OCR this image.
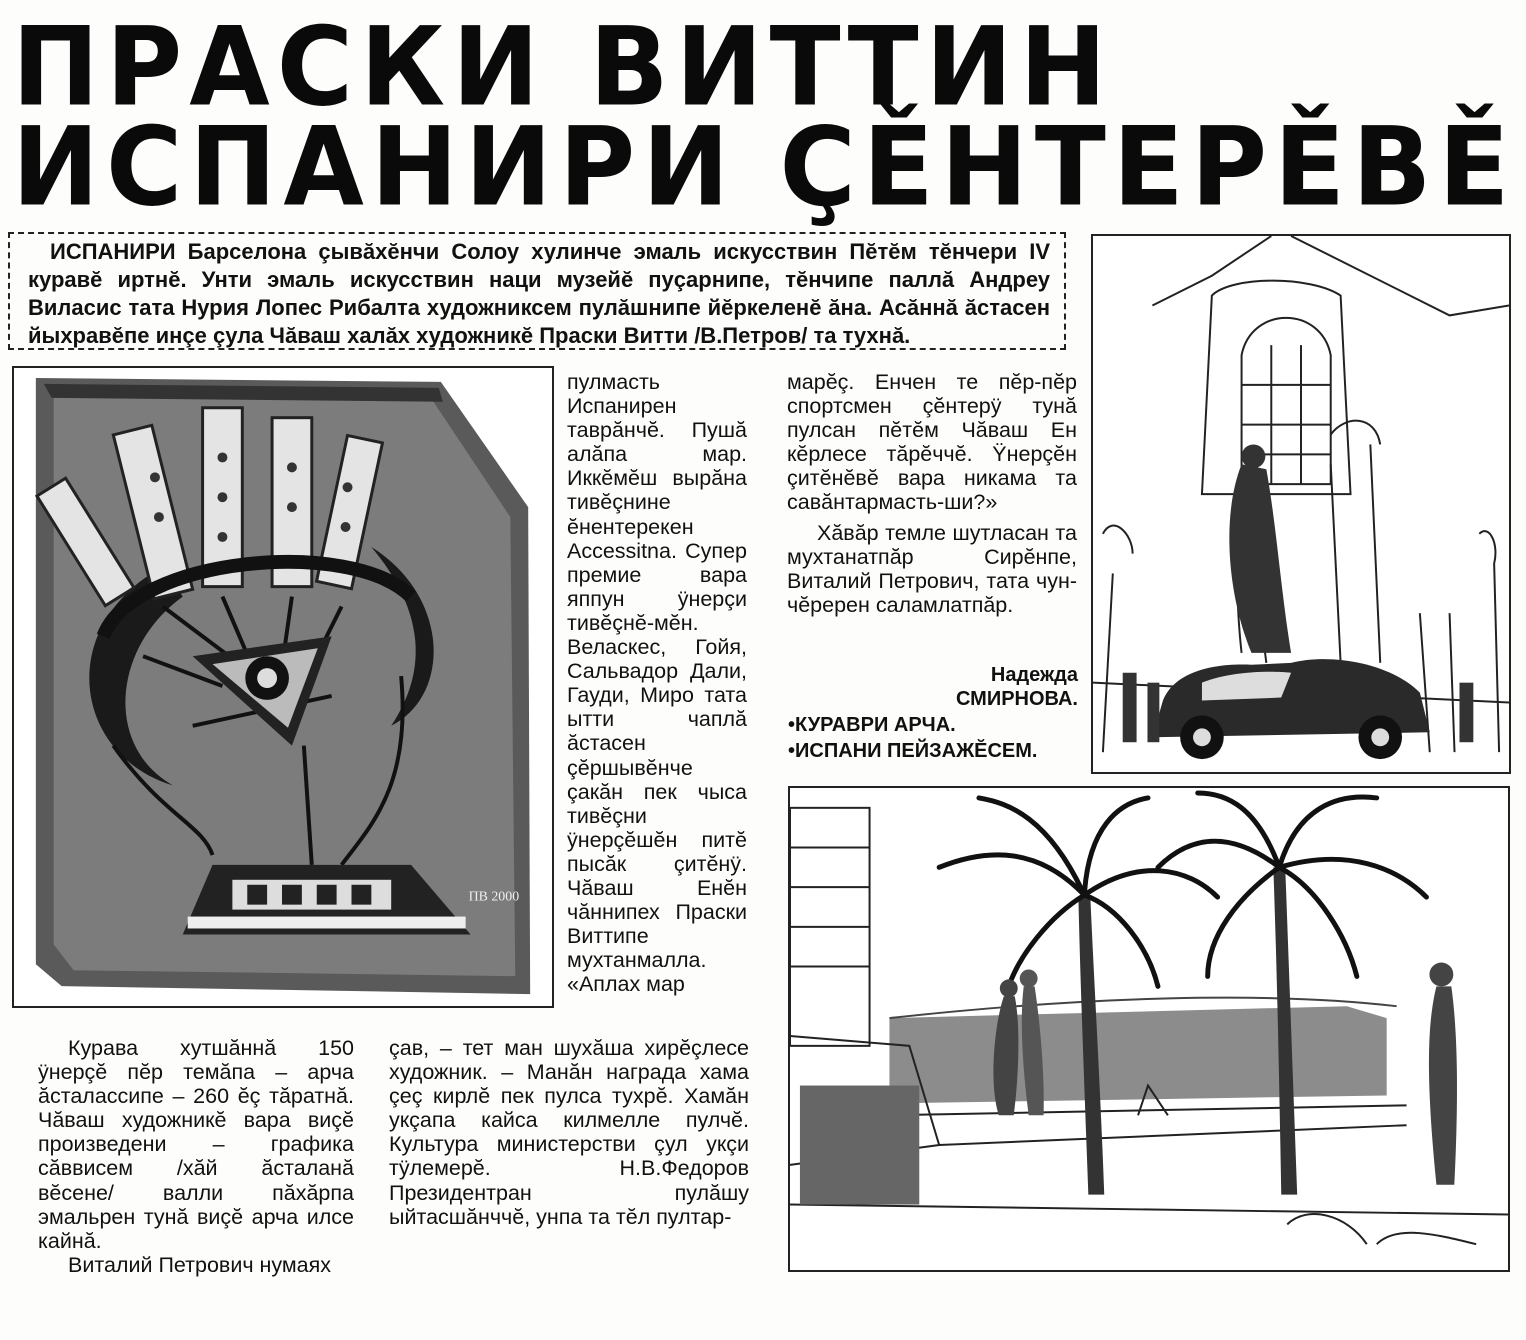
ПРАСКИ ВИТТИН
ИСПАНИРИ ÇĚНТЕРĚВĚ
ИСПАНИРИ Барселона çывăхĕнчи Солоу хулинче эмаль искусствин Пĕтĕм тĕнчери IV куравĕ иртнĕ. Унти эмаль искусствин наци музейĕ пуçарнипе, тĕнчипе паллă Андреу Виласис тата Нурия Лопес Рибалта художниксем пулăшнипе йĕркеленĕ ăна. Асăннă ăстасен йыхравĕпе инçе çула Чăваш халăх художникĕ Праски Витти /В.Петров/ та тухнă.
ПВ 2000

пулмасть Испанирен таврăнчĕ. Пушă алăпа мар. Иккĕмĕш вырăна тивĕçнине ĕнентерекен Accessitna. Супер премие вара яппун ÿнерçи тивĕçнĕ-мĕн. Веласкес, Гойя, Сальвадор Дали, Гауди, Миро тата ытти чаплă ăстасен çĕршывĕнче çакăн пек чыса тивĕçни ÿнерçĕшĕн питĕ пысăк çитĕнÿ. Чăваш Енĕн чăннипех Праски Виттипе мухтанмалла. «Аплах мар

Курава хутшăннă 150 ÿнерçĕ пĕр темăпа – арча ăсталассипе – 260 ĕç тăратнă. Чăваш художникĕ вара виçĕ произведени – графика сăввисем /хăй ăсталанă вĕсене/ валли пăхăрпа эмальрен тунă виçĕ арча илсе кайнă.

Виталий Петрович нумаях

çав, – тет ман шухăша хирĕçлесе художник. – Манăн награда хама çеç кирлĕ пек пулса тухрĕ. Хамăн укçапа кайса килмелле пулчĕ. Культура министерстви çул укçи тÿлемерĕ. Н.В.Федоров Президентран пулăшу ыйтасшăнччĕ, унпа та тĕл пултар-

марĕç. Енчен те пĕр-пĕр спортсмен çĕнтерÿ тунă пулсан пĕтĕм Чăваш Ен кĕрлесе тăрĕччĕ. Ÿнерçĕн çитĕнĕвĕ вара никама та савăнтармасть-ши?»

Хăвăр темле шутласан та мухтанатпăр Сирĕнпе, Виталий Петрович, тата чун-чĕререн саламлатпăр.

Надежда
СМИРНОВА.
•КУРАВРИ АРЧА.
•ИСПАНИ ПЕЙЗАЖĔСЕМ.
